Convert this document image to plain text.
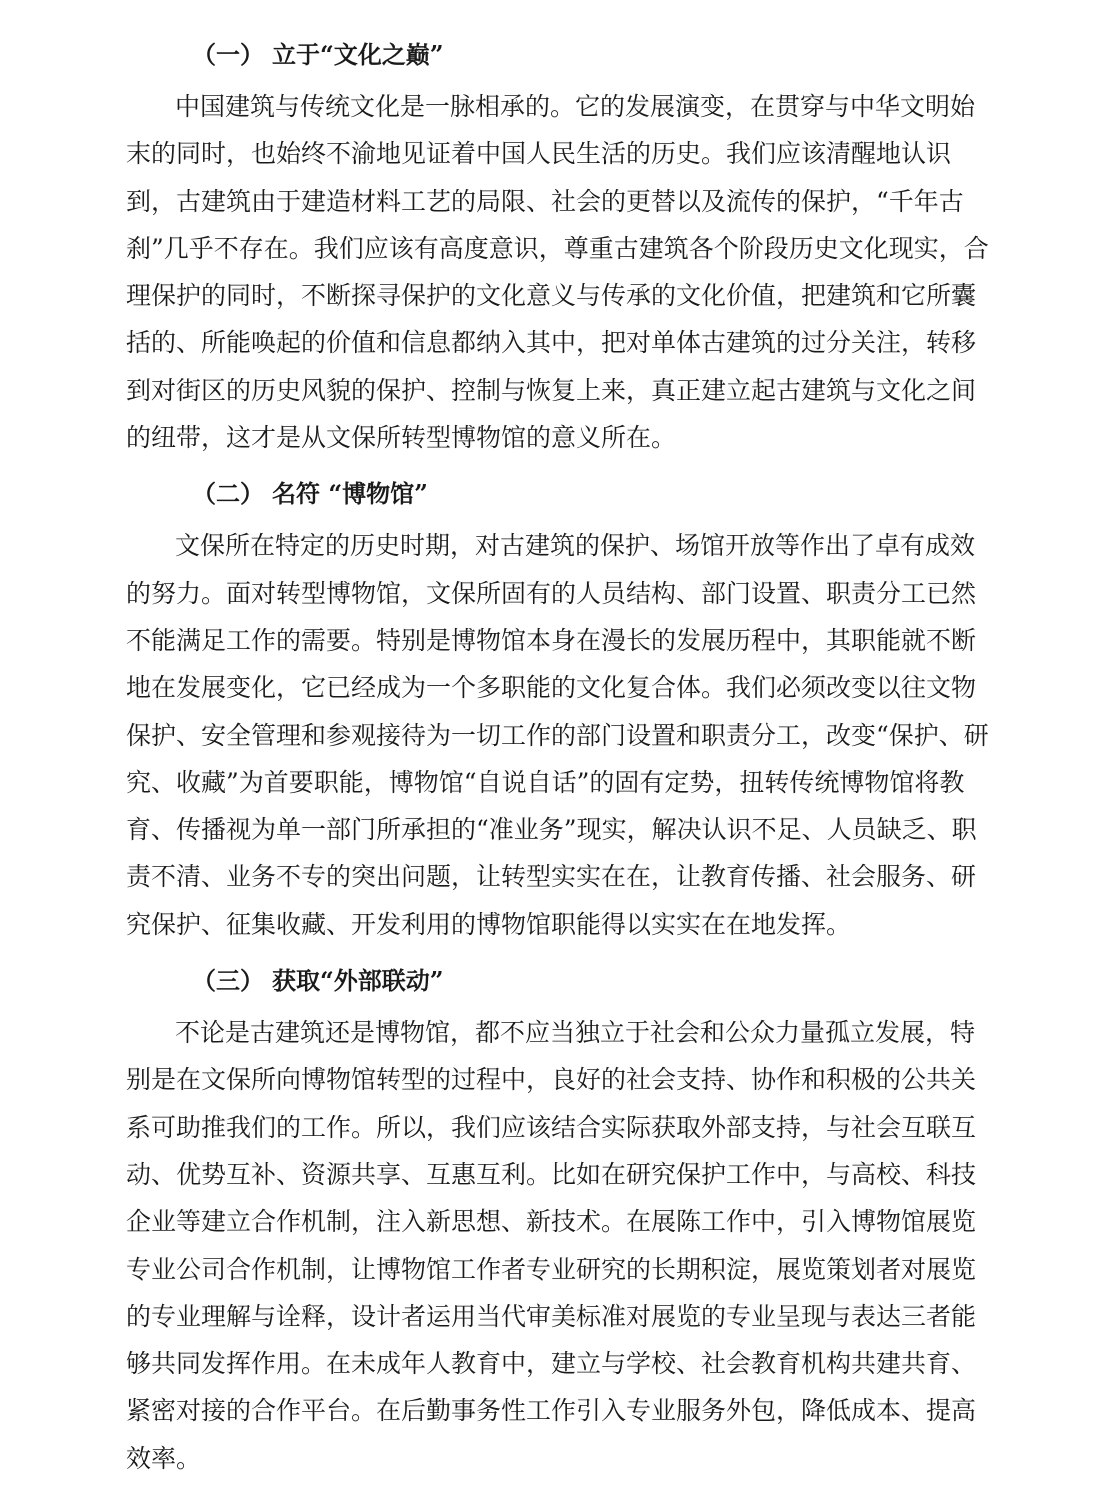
（一） 立于“文化之巅”

中国建筑与传统文化是一脉相承的。它的发展演变，在贯穿与中华文明始
末的同时，也始终不渝地见证着中国人民生活的历史。我们应该清醒地认识
到，古建筑由于建造材料工艺的局限、社会的更替以及流传的保护，“千年古
刹”几乎不存在。我们应该有高度意识，尊重古建筑各个阶段历史文化现实，合
理保护的同时，不断探寻保护的文化意义与传承的文化价值，把建筑和它所囊
括的、所能唤起的价值和信息都纳入其中，把对单体古建筑的过分关注，转移
到对街区的历史风貌的保护、控制与恢复上来，真正建立起古建筑与文化之间
的纽带，这才是从文保所转型博物馆的意义所在。

（二） 名符 “博物馆”

文保所在特定的历史时期，对古建筑的保护、场馆开放等作出了卓有成效
的努力。面对转型博物馆，文保所固有的人员结构、部门设置、职责分工已然
不能满足工作的需要。特别是博物馆本身在漫长的发展历程中，其职能就不断
地在发展变化，它已经成为一个多职能的文化复合体。我们必须改变以往文物
保护、安全管理和参观接待为一切工作的部门设置和职责分工，改变“保护、研
究、收藏”为首要职能，博物馆“自说自话”的固有定势，扭转传统博物馆将教
育、传播视为单一部门所承担的“准业务”现实，解决认识不足、人员缺乏、职
责不清、业务不专的突出问题，让转型实实在在，让教育传播、社会服务、研
究保护、征集收藏、开发利用的博物馆职能得以实实在在地发挥。

（三） 获取“外部联动”

不论是古建筑还是博物馆，都不应当独立于社会和公众力量孤立发展，特
别是在文保所向博物馆转型的过程中，良好的社会支持、协作和积极的公共关
系可助推我们的工作。所以，我们应该结合实际获取外部支持，与社会互联互
动、优势互补、资源共享、互惠互利。比如在研究保护工作中，与高校、科技
企业等建立合作机制，注入新思想、新技术。在展陈工作中，引入博物馆展览
专业公司合作机制，让博物馆工作者专业研究的长期积淀，展览策划者对展览
的专业理解与诠释，设计者运用当代审美标准对展览的专业呈现与表达三者能
够共同发挥作用。在未成年人教育中，建立与学校、社会教育机构共建共育、
紧密对接的合作平台。在后勤事务性工作引入专业服务外包，降低成本、提高
效率。
